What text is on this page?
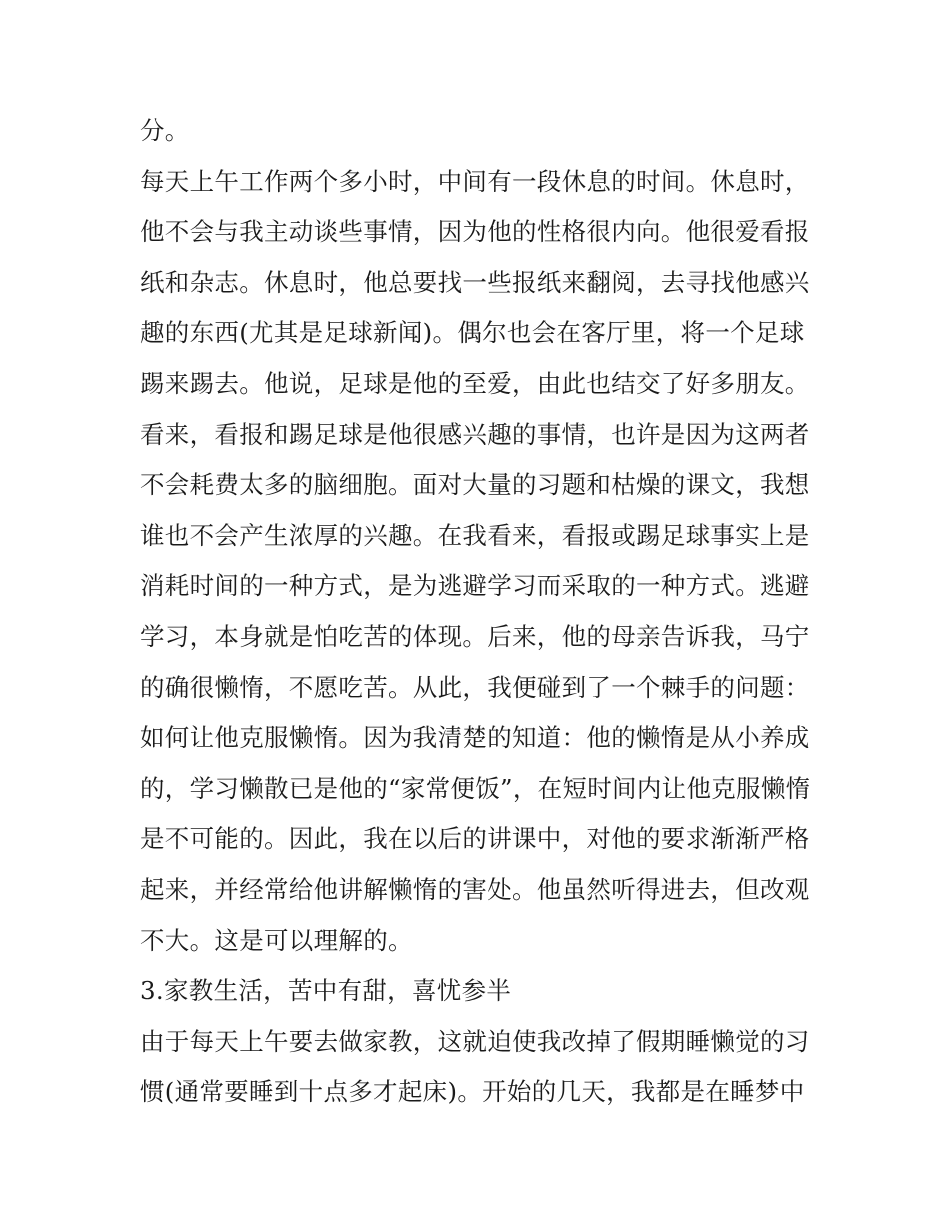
分。
每天上午工作两个多小时，中间有一段休息的时间。休息时，
他不会与我主动谈些事情，因为他的性格很内向。他很爱看报
纸和杂志。休息时，他总要找一些报纸来翻阅，去寻找他感兴
趣的东西(尤其是足球新闻)。偶尔也会在客厅里，将一个足球
踢来踢去。他说，足球是他的至爱，由此也结交了好多朋友。
看来，看报和踢足球是他很感兴趣的事情，也许是因为这两者
不会耗费太多的脑细胞。面对大量的习题和枯燥的课文，我想
谁也不会产生浓厚的兴趣。在我看来，看报或踢足球事实上是
消耗时间的一种方式，是为逃避学习而采取的一种方式。逃避
学习，本身就是怕吃苦的体现。后来，他的母亲告诉我，马宁
的确很懒惰，不愿吃苦。从此，我便碰到了一个棘手的问题：
如何让他克服懒惰。因为我清楚的知道：他的懒惰是从小养成
的，学习懒散已是他的“家常便饭”，在短时间内让他克服懒惰
是不可能的。因此，我在以后的讲课中，对他的要求渐渐严格
起来，并经常给他讲解懒惰的害处。他虽然听得进去，但改观
不大。这是可以理解的。
3.家教生活，苦中有甜，喜忧参半
由于每天上午要去做家教，这就迫使我改掉了假期睡懒觉的习
惯(通常要睡到十点多才起床)。开始的几天，我都是在睡梦中
